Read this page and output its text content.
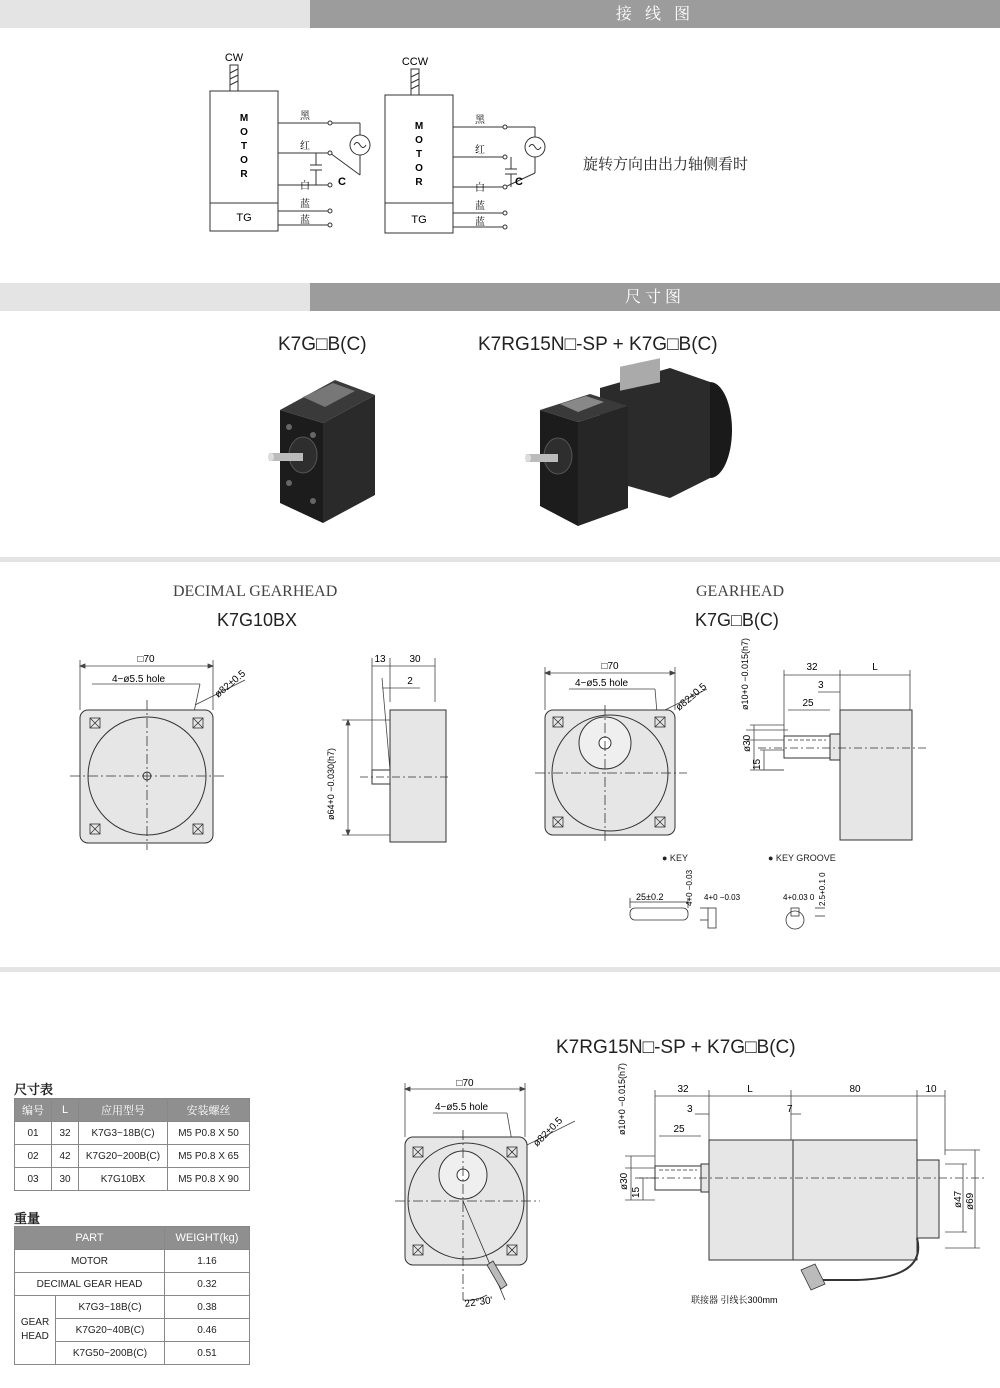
接 线 图
CW
M
O
T
O
R
TG
黑
红
白
蓝
蓝
C
CCW
M
O
T
O
R
TG
黑
红
白
蓝
蓝
C
旋转方向由出力轴侧看时
尺寸图
K7G□B(C)	K7RG15N□-SP + K7G□B(C)
DECIMAL GEARHEAD
K7G10BX
□70
4−ø5.5 hole	ø82±0.5
13 30
2
ø64+0 −0.030(h7)
GEARHEAD
K7G□B(C)
□70
4−ø5.5 hole	ø82±0.5
32	L
3
25
ø30
15
ø10+0 −0.015(h7)
● KEY	● KEY GROOVE
25±0.2	4+0 −0.03 4+0 −0.03	4+0.03 0 2.5+0.1 0
K7RG15N□-SP + K7G□B(C)
□70
4−ø5.5 hole
ø82±0.5
22°30'
32	L	80	10
3	7
25
ø30
15
ø10+0 −0.015(h7)
ø47 ø69
联接器 引线长300mm
尺寸表
编号	L	应用型号	安装螺丝
01	32	K7G3~18B(C)	M5 P0.8 X 50
02	42	K7G20~200B(C)	M5 P0.8 X 65
03	30	K7G10BX	M5 P0.8 X 90
重量
PART		WEIGHT(kg)
MOTOR		1.16
DECIMAL GEAR HEAD		0.32
GEAR HEAD	K7G3~18B(C)	0.38
	K7G20~40B(C)	0.46
	K7G50~200B(C)	0.51
